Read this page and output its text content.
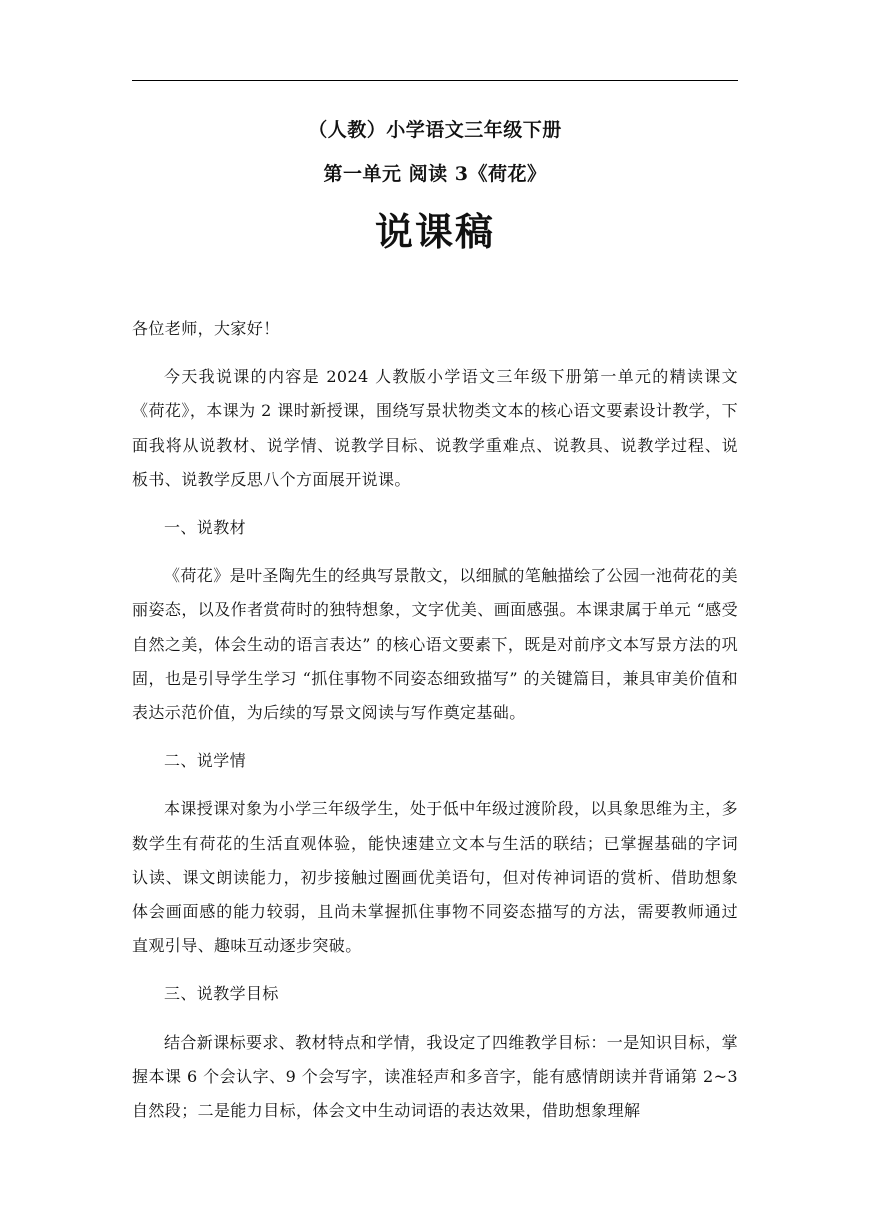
（人教）小学语文三年级下册
第一单元 阅读 3《荷花》
说课稿

各位老师，大家好！

今天我说课的内容是 2024 人教版小学语文三年级下册第一单元的精读课文《荷花》，本课为 2 课时新授课，围绕写景状物类文本的核心语文要素设计教学，下面我将从说教材、说学情、说教学目标、说教学重难点、说教具、说教学过程、说板书、说教学反思八个方面展开说课。

一、说教材

《荷花》是叶圣陶先生的经典写景散文，以细腻的笔触描绘了公园一池荷花的美丽姿态，以及作者赏荷时的独特想象，文字优美、画面感强。本课隶属于单元 “感受自然之美，体会生动的语言表达” 的核心语文要素下，既是对前序文本写景方法的巩固，也是引导学生学习 “抓住事物不同姿态细致描写” 的关键篇目，兼具审美价值和表达示范价值，为后续的写景文阅读与写作奠定基础。

二、说学情

本课授课对象为小学三年级学生，处于低中年级过渡阶段，以具象思维为主，多数学生有荷花的生活直观体验，能快速建立文本与生活的联结；已掌握基础的字词认读、课文朗读能力，初步接触过圈画优美语句，但对传神词语的赏析、借助想象体会画面感的能力较弱，且尚未掌握抓住事物不同姿态描写的方法，需要教师通过直观引导、趣味互动逐步突破。

三、说教学目标

结合新课标要求、教材特点和学情，我设定了四维教学目标：一是知识目标，掌握本课 6 个会认字、9 个会写字，读准轻声和多音字，能有感情朗读并背诵第 2~3 自然段；二是能力目标，体会文中生动词语的表达效果，借助想象理解
